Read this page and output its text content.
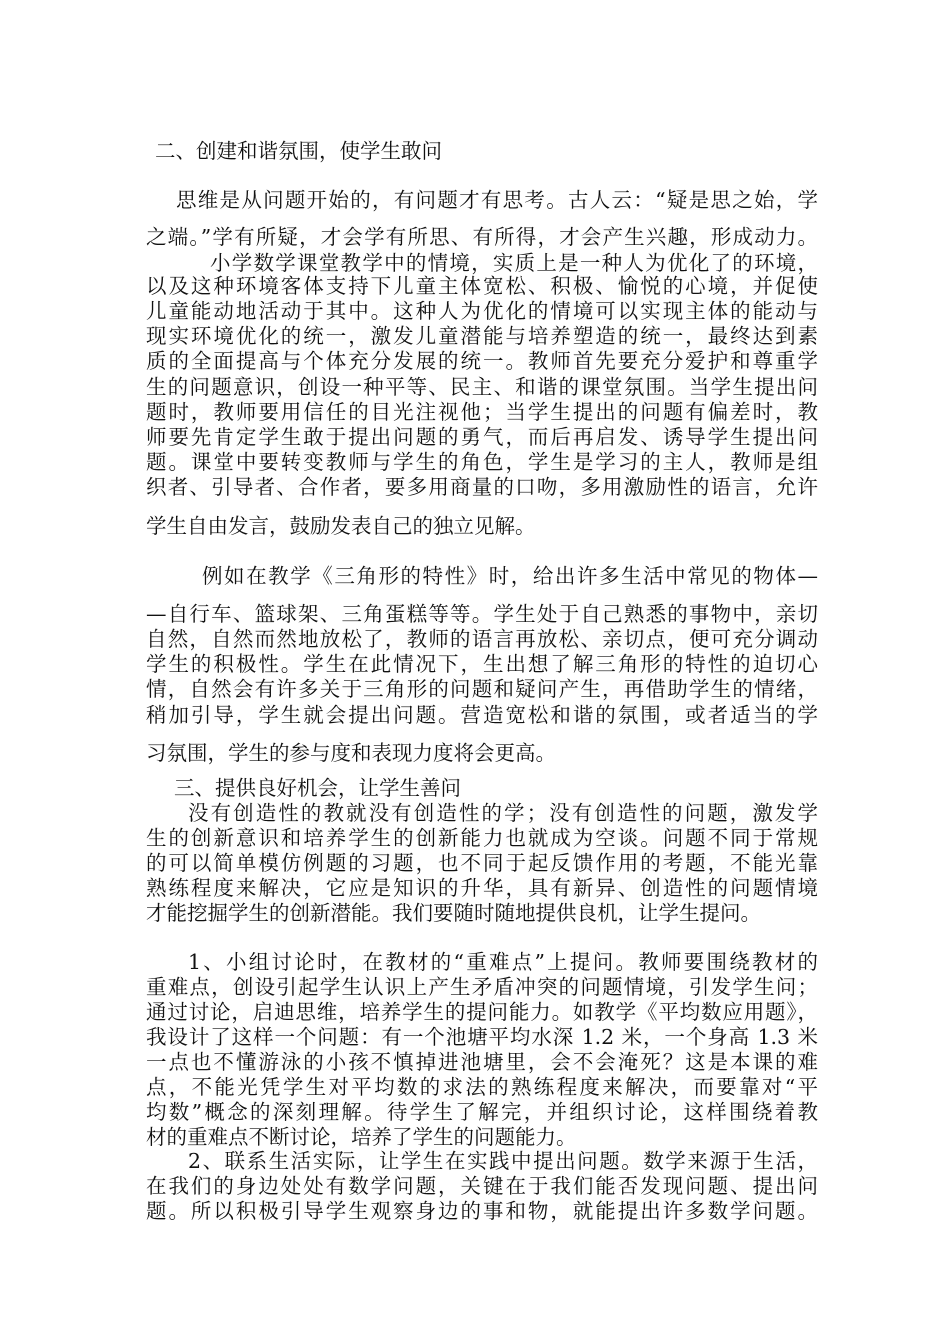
二、创建和谐氛围，使学生敢问
思维是从问题开始的，有问题才有思考。古人云：“疑是思之始，学
之端。”学有所疑，才会学有所思、有所得，才会产生兴趣，形成动力。
小学数学课堂教学中的情境，实质上是一种人为优化了的环境，
以及这种环境客体支持下儿童主体宽松、积极、愉悦的心境，并促使
儿童能动地活动于其中。这种人为优化的情境可以实现主体的能动与
现实环境优化的统一，激发儿童潜能与培养塑造的统一，最终达到素
质的全面提高与个体充分发展的统一。教师首先要充分爱护和尊重学
生的问题意识，创设一种平等、民主、和谐的课堂氛围。当学生提出问
题时，教师要用信任的目光注视他；当学生提出的问题有偏差时，教
师要先肯定学生敢于提出问题的勇气，而后再启发、诱导学生提出问
题。课堂中要转变教师与学生的角色，学生是学习的主人，教师是组
织者、引导者、合作者，要多用商量的口吻，多用激励性的语言，允许
学生自由发言，鼓励发表自己的独立见解。
例如在教学《三角形的特性》时，给出许多生活中常见的物体—
—自行车、篮球架、三角蛋糕等等。学生处于自己熟悉的事物中，亲切
自然，自然而然地放松了，教师的语言再放松、亲切点，便可充分调动
学生的积极性。学生在此情况下，生出想了解三角形的特性的迫切心
情，自然会有许多关于三角形的问题和疑问产生，再借助学生的情绪，
稍加引导，学生就会提出问题。营造宽松和谐的氛围，或者适当的学
习氛围，学生的参与度和表现力度将会更高。
三、提供良好机会，让学生善问
没有创造性的教就没有创造性的学；没有创造性的问题，激发学
生的创新意识和培养学生的创新能力也就成为空谈。问题不同于常规
的可以简单模仿例题的习题，也不同于起反馈作用的考题，不能光靠
熟练程度来解决，它应是知识的升华，具有新异、创造性的问题情境
才能挖掘学生的创新潜能。我们要随时随地提供良机，让学生提问。
1、小组讨论时，在教材的“重难点”上提问。教师要围绕教材的
重难点，创设引起学生认识上产生矛盾冲突的问题情境，引发学生问；
通过讨论，启迪思维，培养学生的提问能力。如教学《平均数应用题》，
我设计了这样一个问题：有一个池塘平均水深 1.2 米，一个身高 1.3 米
一点也不懂游泳的小孩不慎掉进池塘里，会不会淹死？这是本课的难
点，不能光凭学生对平均数的求法的熟练程度来解决，而要靠对“平
均数”概念的深刻理解。待学生了解完，并组织讨论，这样围绕着教
材的重难点不断讨论，培养了学生的问题能力。
2、联系生活实际，让学生在实践中提出问题。数学来源于生活，
在我们的身边处处有数学问题，关键在于我们能否发现问题、提出问
题。所以积极引导学生观察身边的事和物，就能提出许多数学问题。
